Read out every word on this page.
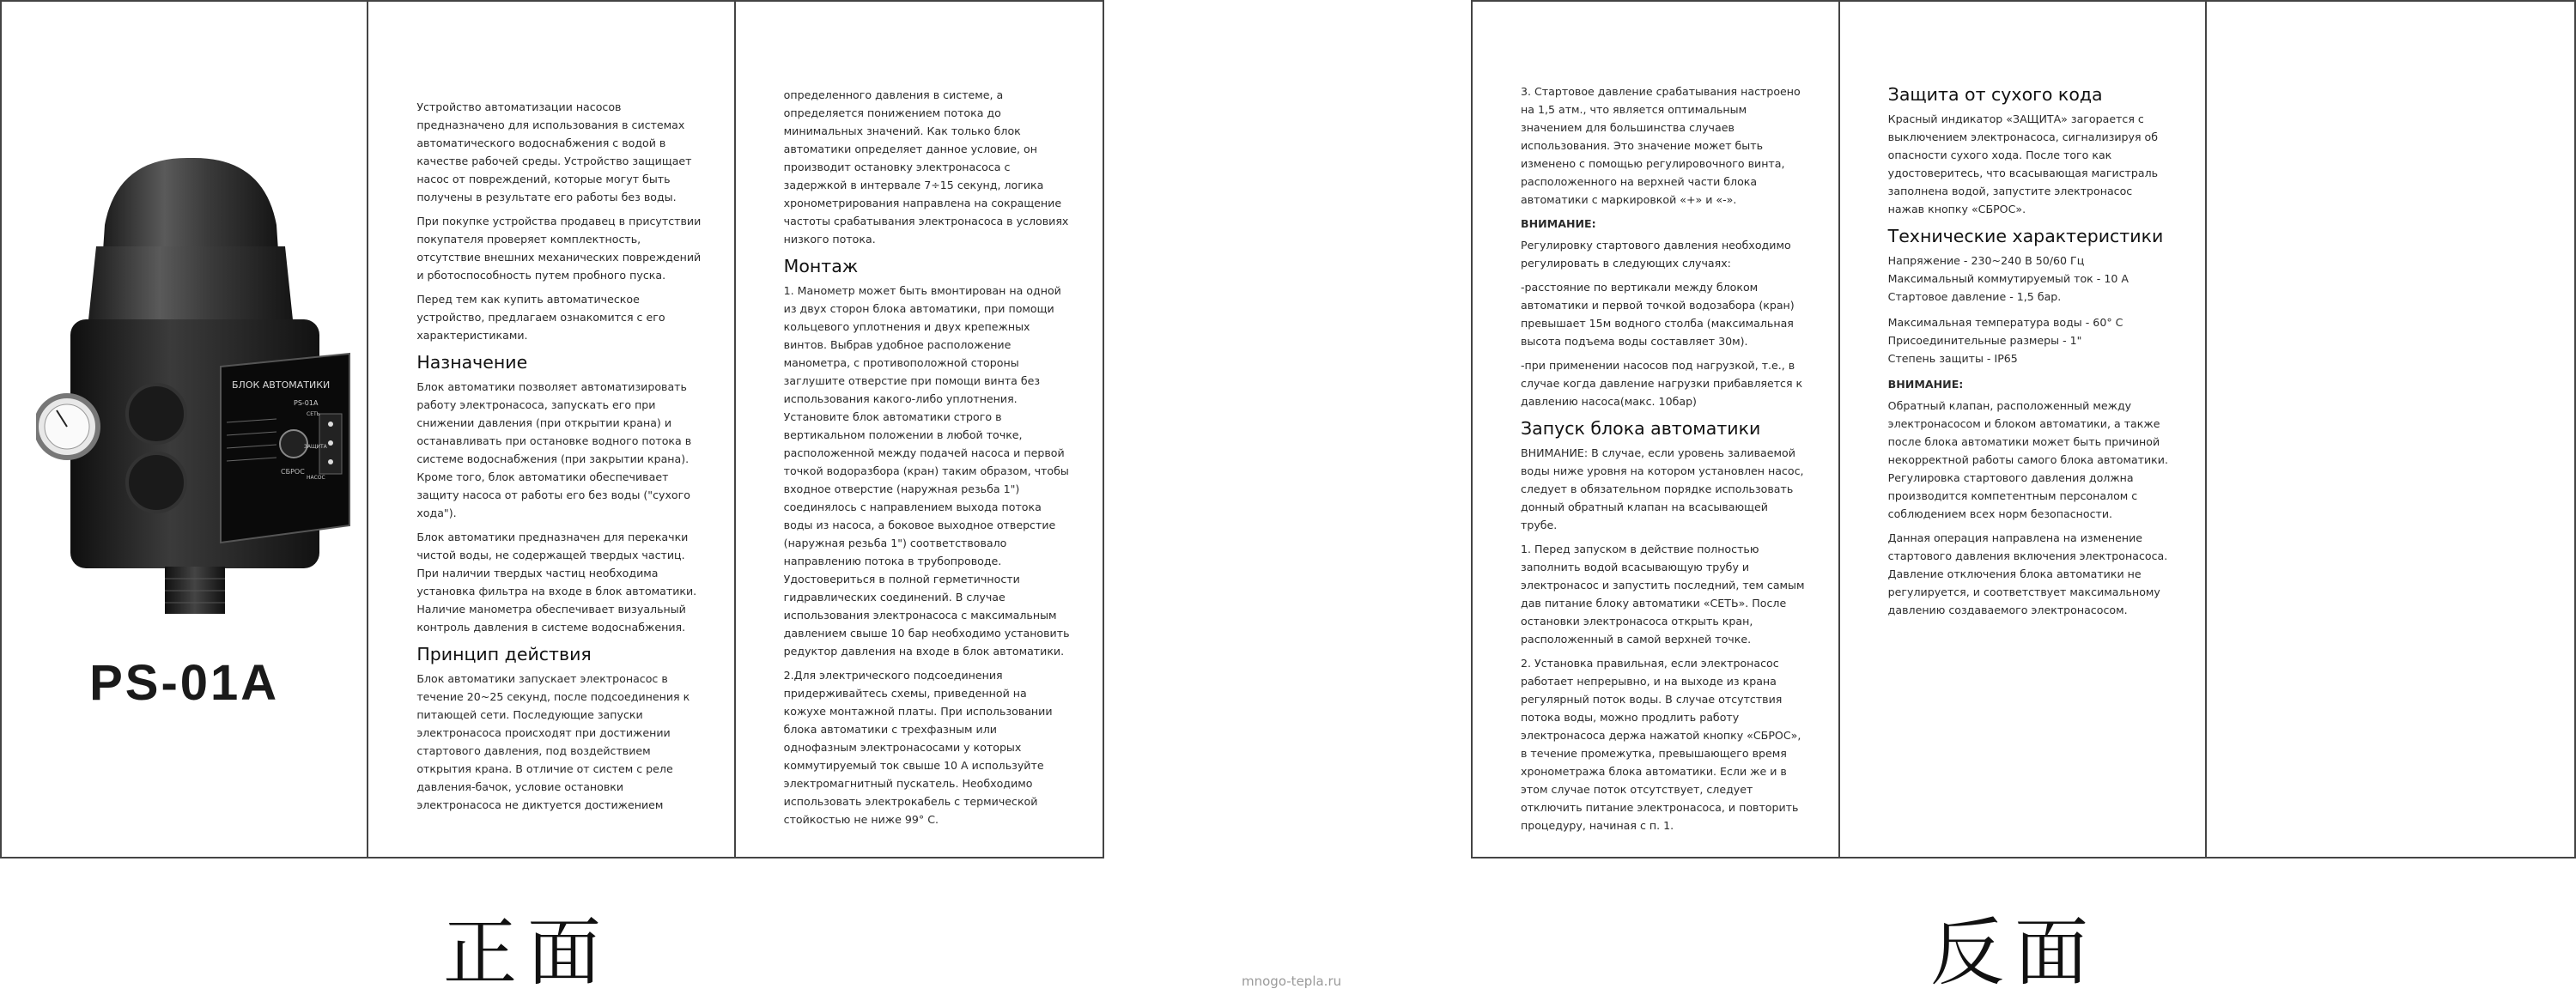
БЛОК АВТОМАТИКИ
PS-01A
СБРОС
СЕТЬ
ЗАЩИТА
НАСОС
PS-01A

Устройство автоматизации насосов предназначено для использования в системах автоматического водоснабжения с водой в качестве рабочей среды. Устройство защищает насос от повреждений, которые могут быть получены в результате его работы без воды.

При покупке устройства продавец в присутствии покупателя проверяет комплектность, отсутствие внешних механических повреждений и рботоспособность путем пробного пуска.

Перед тем как купить автоматическое устройство, предлагаем ознакомится с его характеристиками.

Назначение

Блок автоматики позволяет автоматизировать работу электронасоса, запускать его при снижении давления (при открытии крана) и останавливать при остановке водного потока в системе водоснабжения (при закрытии крана). Кроме того, блок автоматики обеспечивает защиту насоса от работы его без воды ("сухого хода").

Блок автоматики предназначен для перекачки чистой воды, не содержащей твердых частиц. При наличии твердых частиц необходима установка фильтра на входе в блок автоматики. Наличие манометра обеспечивает визуальный контроль давления в системе водоснабжения.

Принцип действия

Блок автоматики запускает электронасос в течение 20~25 секунд, после подсоединения к питающей сети. Последующие запуски электронасоса происходят при достижении стартового давления, под воздействием открытия крана. В отличие от систем с реле давления-бачок, условие остановки электронасоса не диктуется достижением

определенного давления в системе, а определяется понижением потока до минимальных значений. Как только блок автоматики определяет данное условие, он производит остановку электронасоса с задержкой в интервале 7÷15 секунд, логика хронометрирования направлена на сокращение частоты срабатывания электронасоса в условиях низкого потока.

Монтаж

1. Манометр может быть вмонтирован на одной из двух сторон блока автоматики, при помощи кольцевого уплотнения и двух крепежных винтов. Выбрав удобное расположение манометра, с противоположной стороны заглушите отверстие при помощи винта без использования какого-либо уплотнения. Установите блок автоматики строго в вертикальном положении в любой точке, расположенной между подачей насоса и первой точкой водоразбора (кран) таким образом, чтобы входное отверстие (наружная резьба 1") соединялось с направлением выхода потока воды из насоса, а боковое выходное отверстие (наружная резьба 1") соответствовало направлению потока в трубопроводе. Удостовериться в полной герметичности гидравлических соединений. В случае использования электронасоса с максимальным давлением свыше 10 бар необходимо установить редуктор давления на входе в блок автоматики.

2.Для электрического подсоединения придерживайтесь схемы, приведенной на кожухе монтажной платы. При использовании блока автоматики с трехфазным или однофазным электронасосами у которых коммутируемый ток свыше 10 А используйте электромагнитный пускатель. Необходимо использовать электрокабель с термической стойкостью не ниже 99° С.

3. Стартовое давление срабатывания настроено на 1,5 атм., что является оптимальным значением для большинства случаев использования. Это значение может быть изменено с помощью регулировочного винта, расположенного на верхней части блока автоматики с маркировкой «+» и «-».

ВНИМАНИЕ:

Регулировку стартового давления необходимо регулировать в следующих случаях:

-расстояние по вертикали между блоком автоматики и первой точкой водозабора (кран) превышает 15м водного столба (максимальная высота подъема воды составляет 30м).

-при применении насосов под нагрузкой, т.е., в случае когда давление нагрузки прибавляется к давлению насоса(макс. 10бар)

Запуск блока автоматики

ВНИМАНИЕ: В случае, если уровень заливаемой воды ниже уровня на котором установлен насос, следует в обязательном порядке использовать донный обратный клапан на всасывающей трубе.

1. Перед запуском в действие полностью заполнить водой всасывающую трубу и электронасос и запустить последний, тем самым дав питание блоку автоматики «СЕТЬ». После остановки электронасоса открыть кран, расположенный в самой верхней точке.

2. Установка правильная, если электронасос работает непрерывно, и на выходе из крана регулярный поток воды. В случае отсутствия потока воды, можно продлить работу электронасоса держа нажатой кнопку «СБРОС», в течение промежутка, превышающего время хронометража блока автоматики. Если же и в этом случае поток отсутствует, следует отключить питание электронасоса, и повторить процедуру, начиная с п. 1.

Защита от сухого кода

Красный индикатор «ЗАЩИТА» загорается с выключением электронасоса, сигнализируя об опасности сухого хода. После того как удостоверитесь, что всасывающая магистраль заполнена водой, запустите электронасос нажав кнопку «СБРОС».

Технические характеристики

Напряжение - 230~240 В 50/60 Гц

Максимальный коммутируемый ток - 10 А

Стартовое давление - 1,5 бар.

Максимальная температура воды - 60° С

Присоединительные размеры - 1"

Степень защиты - IP65

ВНИМАНИЕ:

Обратный клапан, расположенный между электронасосом и блоком автоматики, а также после блока автоматики может быть причиной некорректной работы самого блока автоматики. Регулировка стартового давления должна производится компетентным персоналом с соблюдением всех норм безопасности.

Данная операция направлена на изменение стартового давления включения электронасоса. Давление отключения блока автоматики не регулируется, и соответствует максимальному давлению создаваемого электронасосом.

正面	反面
mnogo-tepla.ru
